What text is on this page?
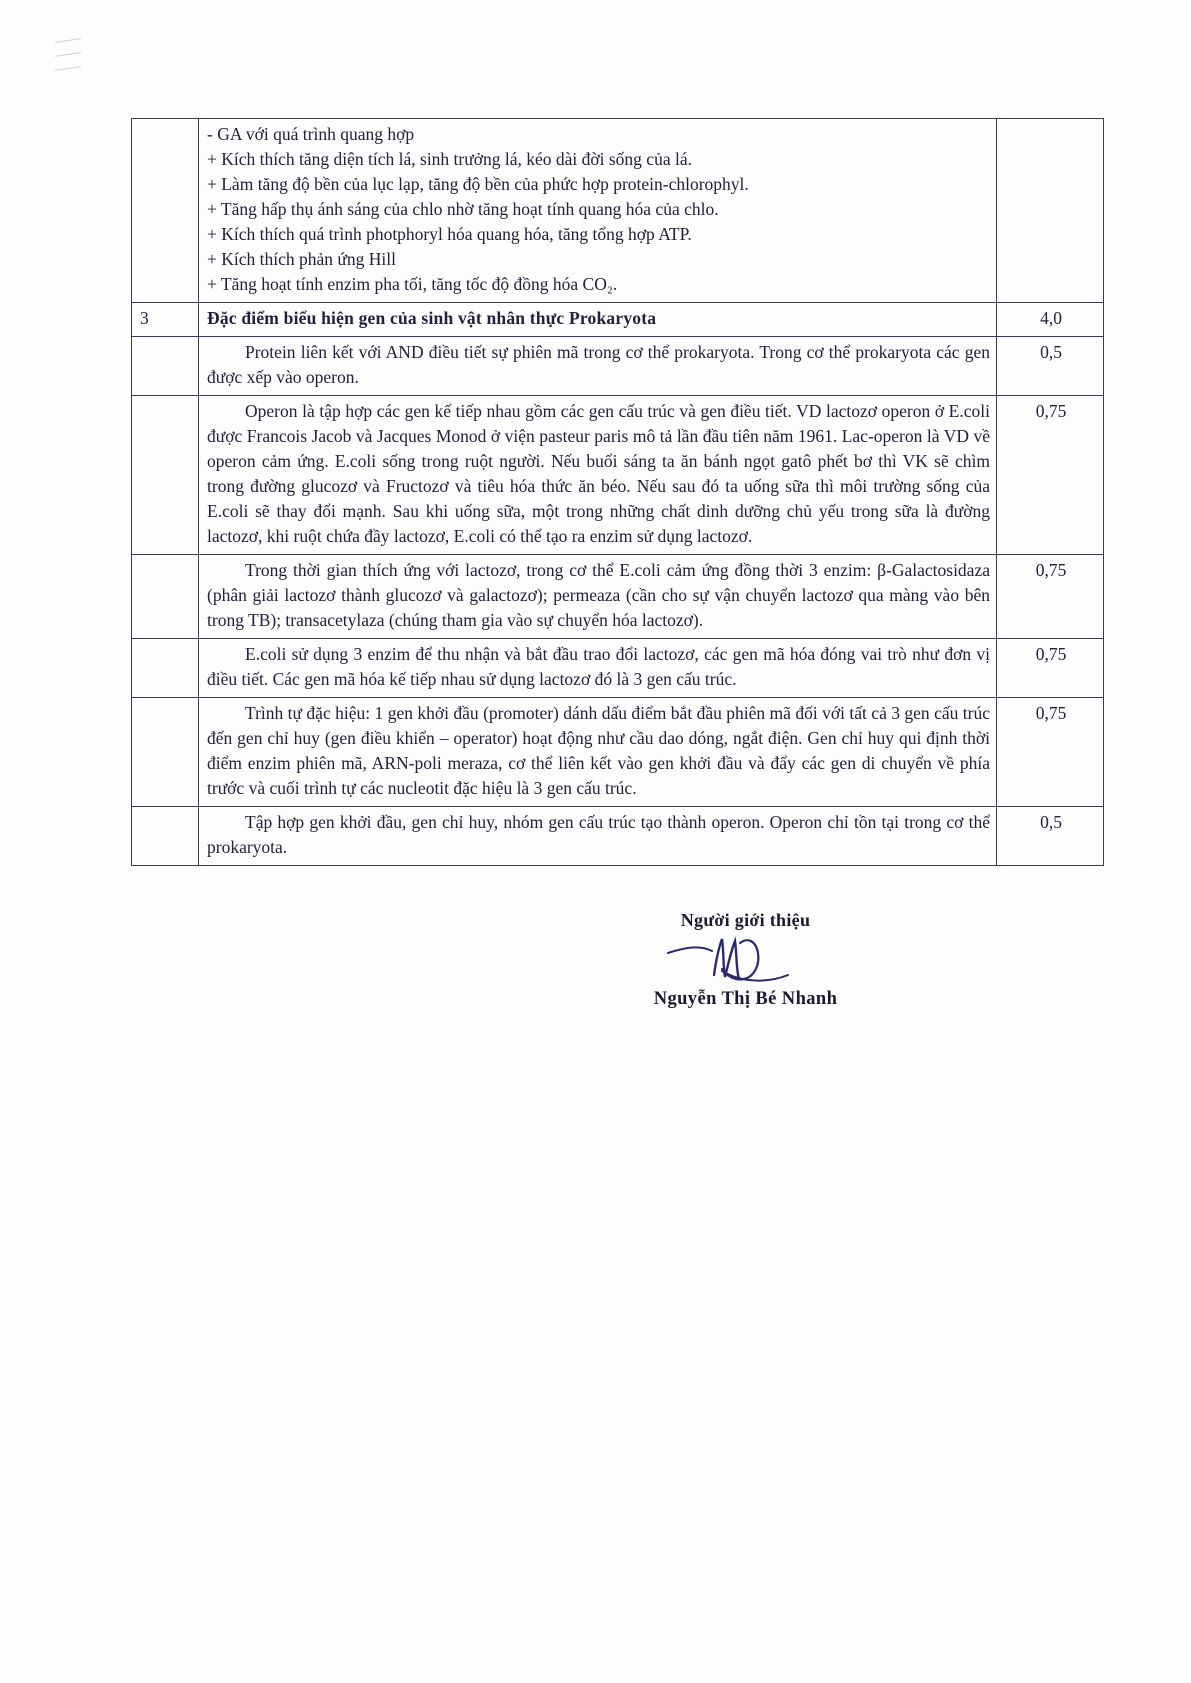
- GA với quá trình quang hợp

+ Kích thích tăng diện tích lá, sinh trưởng lá, kéo dài đời sống của lá.

+ Làm tăng độ bền của lục lạp, tăng độ bền của phức hợp protein-chlorophyl.

+ Tăng hấp thụ ánh sáng của chlo nhờ tăng hoạt tính quang hóa của chlo.

+ Kích thích quá trình photphoryl hóa quang hóa, tăng tổng hợp ATP.

+ Kích thích phản ứng Hill

+ Tăng hoạt tính enzim pha tối, tăng tốc độ đồng hóa CO₂.

3	Đặc điểm biểu hiện gen của sinh vật nhân thực Prokaryota	4,0

	Protein liên kết với AND điều tiết sự phiên mã trong cơ thể prokaryota. Trong cơ thể prokaryota các gen được xếp vào operon.	0,5

	Operon là tập hợp các gen kế tiếp nhau gồm các gen cấu trúc và gen điều tiết. VD lactozơ operon ở E.coli được Francois Jacob và Jacques Monod ở viện pasteur paris mô tả lần đầu tiên năm 1961. Lac-operon là VD về operon cảm ứng. E.coli sống trong ruột người. Nếu buổi sáng ta ăn bánh ngọt gatô phết bơ thì VK sẽ chìm trong đường glucozơ và Fructozơ và tiêu hóa thức ăn béo. Nếu sau đó ta uống sữa thì môi trường sống của E.coli sẽ thay đổi mạnh. Sau khi uống sữa, một trong những chất dinh dưỡng chủ yếu trong sữa là đường lactozơ, khi ruột chứa đầy lactozơ, E.coli có thể tạo ra enzim sử dụng lactozơ.	0,75

	Trong thời gian thích ứng với lactozơ, trong cơ thể E.coli cảm ứng đồng thời 3 enzim: β-Galactosidaza (phân giải lactozơ thành glucozơ và galactozơ); permeaza (cần cho sự vận chuyển lactozơ qua màng vào bên trong TB); transacetylaza (chúng tham gia vào sự chuyển hóa lactozơ).	0,75

	E.coli sử dụng 3 enzim để thu nhận và bắt đầu trao đổi lactozơ, các gen mã hóa đóng vai trò như đơn vị điều tiết. Các gen mã hóa kế tiếp nhau sử dụng lactozơ đó là 3 gen cấu trúc.	0,75

	Trình tự đặc hiệu: 1 gen khởi đầu (promoter) dánh dấu điểm bắt đầu phiên mã đối với tất cả 3 gen cấu trúc đến gen chỉ huy (gen điều khiển – operator) hoạt động như cầu dao dóng, ngắt điện. Gen chỉ huy qui định thời điểm enzim phiên mã, ARN-poli meraza, cơ thể liên kết vào gen khởi đầu và đẩy các gen di chuyển về phía trước và cuối trình tự các nucleotit đặc hiệu là 3 gen cấu trúc.	0,75

	Tập hợp gen khởi đầu, gen chỉ huy, nhóm gen cấu trúc tạo thành operon. Operon chỉ tồn tại trong cơ thể prokaryota.	0,5
Người giới thiệu
Nguyễn Thị Bé Nhanh
